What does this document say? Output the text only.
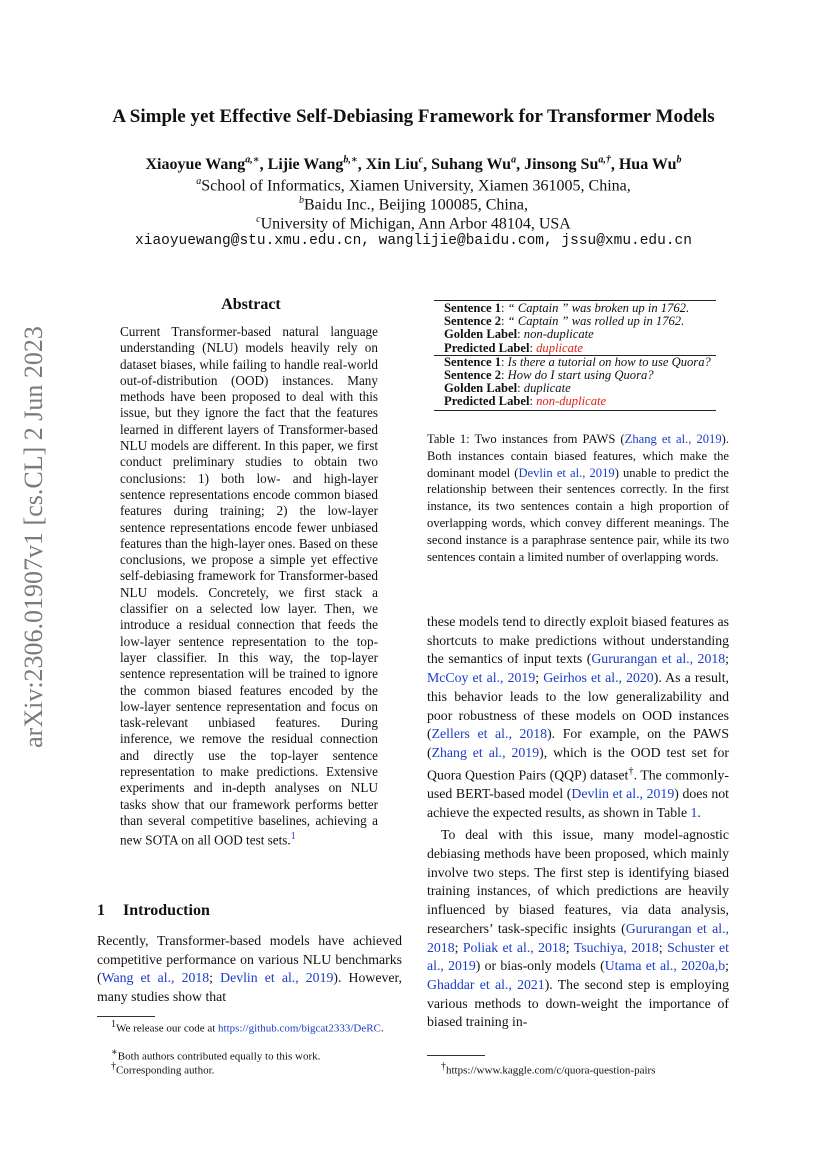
arXiv:2306.01907v1 [cs.CL] 2 Jun 2023
A Simple yet Effective Self-Debiasing Framework for Transformer Models
Xiaoyue Wang$^{a,∗}$, Lijie Wang$^{b,∗}$, Xin Liu$^c$, Suhang Wu$^a$, Jinsong $Su^{a,\dagger}$, Hua Wu$^b$
$^a$School of Informatics, Xiamen University, Xiamen 361005, China,
$^b$Baidu Inc., Beijing 100085, China,
$^c$University of Michigan, Ann Arbor 48104, USA
xiaoyuewang@stu.xmu.edu.cn, wanglijie@baidu.com, jssu@xmu.edu.cn
Abstract
Current Transformer-based natural language understanding (NLU) models heavily rely on dataset biases, while failing to handle real-world out-of-distribution (OOD) instances. Many methods have been proposed to deal with this issue, but they ignore the fact that the features learned in different layers of Transformer-based NLU models are different. In this paper, we first conduct preliminary studies to obtain two conclusions: 1) both low- and high-layer sentence representations encode common biased features during training; 2) the low-layer sentence representations encode fewer unbiased features than the high-layer ones. Based on these conclusions, we propose a simple yet effective self-debiasing framework for Transformer-based NLU models. Concretely, we first stack a classifier on a selected low layer. Then, we introduce a residual connection that feeds the low-layer sentence representation to the top-layer classifier. In this way, the top-layer sentence representation will be trained to ignore the common biased features encoded by the low-layer sentence representation and focus on task-relevant unbiased features. During inference, we remove the residual connection and directly use the top-layer sentence representation to make predictions. Extensive experiments and in-depth analyses on NLU tasks show that our framework performs better than several competitive baselines, achieving a new SOTA on all OOD test sets.$^1$
1 Introduction
Recently, Transformer-based models have achieved competitive performance on various NLU benchmarks (Wang et al., 2018; Devlin et al., 2019). However, many studies show that
$^1$We release our code at https://github.com/bigcat2333/DeRC.
∗Both authors contributed equally to this work.
†Corresponding author.
Sentence 1: “ Captain ” was broken up in 1762.
Sentence 2: “ Captain ” was rolled up in 1762.
Golden Label: non-duplicate
Predicted Label: duplicate
Sentence 1: Is there a tutorial on how to use Quora?
Sentence 2: How do I start using Quora?
Golden Label: duplicate
Predicted Label: non-duplicate
Table 1: Two instances from PAWS (Zhang et al., 2019). Both instances contain biased features, which make the dominant model (Devlin et al., 2019) unable to predict the relationship between their sentences correctly. In the first instance, its two sentences contain a high proportion of overlapping words, which convey different meanings. The second instance is a paraphrase sentence pair, while its two sentences contain a limited number of overlapping words.

these models tend to directly exploit biased features as shortcuts to make predictions without understanding the semantics of input texts (Gururangan et al., 2018; McCoy et al., 2019; Geirhos et al., 2020). As a result, this behavior leads to the low generalizability and poor robustness of these models on OOD instances (Zellers et al., 2018). For example, on the PAWS (Zhang et al., 2019), which is the OOD test set for Quora Question Pairs (QQP) dataset†. The commonly-used BERT-based model (Devlin et al., 2019) does not achieve the expected results, as shown in Table 1.

To deal with this issue, many model-agnostic debiasing methods have been proposed, which mainly involve two steps. The first step is identifying biased training instances, of which predictions are heavily influenced by biased features, via data analysis, researchers’ task-specific insights (Gururangan et al., 2018; Poliak et al., 2018; Tsuchiya, 2018; Schuster et al., 2019) or bias-only models (Utama et al., 2020a,b; Ghaddar et al., 2021). The second step is employing various methods to down-weight the importance of biased training in-

†https://www.kaggle.com/c/quora-question-pairs
